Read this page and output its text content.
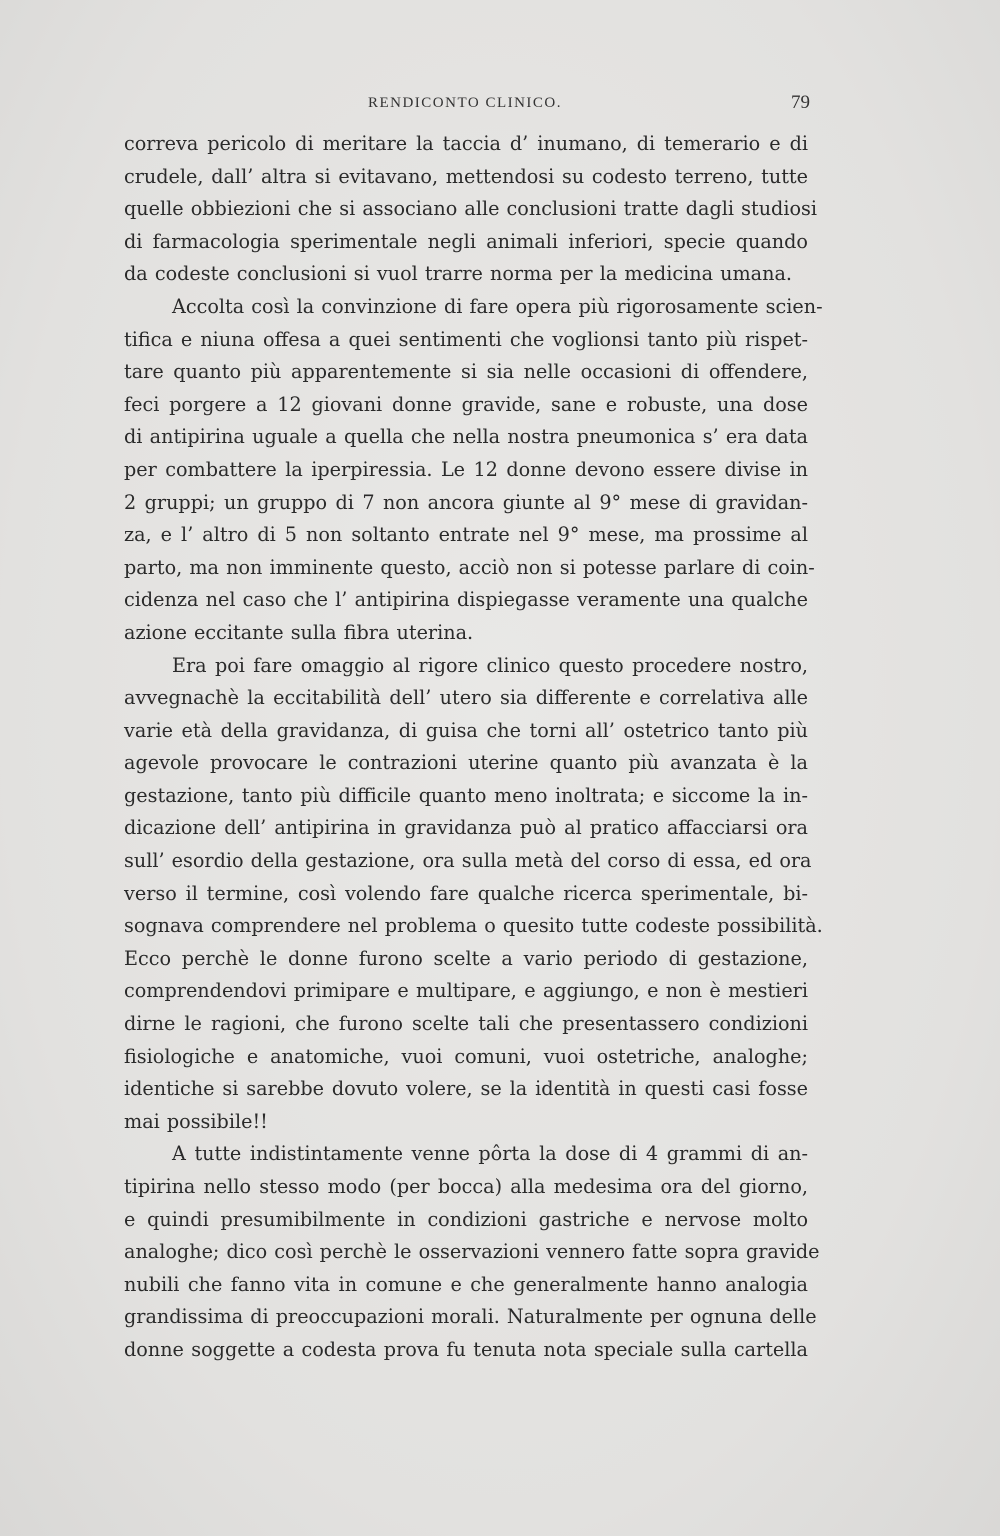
RENDICONTO CLINICO.	79
correva pericolo di meritare la taccia d’ inumano, di temerario e di
crudele, dall’ altra si evitavano, mettendosi su codesto terreno, tutte
quelle obbiezioni che si associano alle conclusioni tratte dagli studiosi
di farmacologia sperimentale negli animali inferiori, specie quando
da codeste conclusioni si vuol trarre norma per la medicina umana.
Accolta così la convinzione di fare opera più rigorosamente scien-
tifica e niuna offesa a quei sentimenti che voglionsi tanto più rispet-
tare quanto più apparentemente si sia nelle occasioni di offendere,
feci porgere a 12 giovani donne gravide, sane e robuste, una dose
di antipirina uguale a quella che nella nostra pneumonica s’ era data
per combattere la iperpiressia. Le 12 donne devono essere divise in
2 gruppi; un gruppo di 7 non ancora giunte al 9° mese di gravidan-
za, e l’ altro di 5 non soltanto entrate nel 9° mese, ma prossime al
parto, ma non imminente questo, acciò non si potesse parlare di coin-
cidenza nel caso che l’ antipirina dispiegasse veramente una qualche
azione eccitante sulla fibra uterina.
Era poi fare omaggio al rigore clinico questo procedere nostro,
avvegnachè la eccitabilità dell’ utero sia differente e correlativa alle
varie età della gravidanza, di guisa che torni all’ ostetrico tanto più
agevole provocare le contrazioni uterine quanto più avanzata è la
gestazione, tanto più difficile quanto meno inoltrata; e siccome la in-
dicazione dell’ antipirina in gravidanza può al pratico affacciarsi ora
sull’ esordio della gestazione, ora sulla metà del corso di essa, ed ora
verso il termine, così volendo fare qualche ricerca sperimentale, bi-
sognava comprendere nel problema o quesito tutte codeste possibilità.
Ecco perchè le donne furono scelte a vario periodo di gestazione,
comprendendovi primipare e multipare, e aggiungo, e non è mestieri
dirne le ragioni, che furono scelte tali che presentassero condizioni
fisiologiche e anatomiche, vuoi comuni, vuoi ostetriche, analoghe;
identiche si sarebbe dovuto volere, se la identità in questi casi fosse
mai possibile!!
A tutte indistintamente venne pôrta la dose di 4 grammi di an-
tipirina nello stesso modo (per bocca) alla medesima ora del giorno,
e quindi presumibilmente in condizioni gastriche e nervose molto
analoghe; dico così perchè le osservazioni vennero fatte sopra gravide
nubili che fanno vita in comune e che generalmente hanno analogia
grandissima di preoccupazioni morali. Naturalmente per ognuna delle
donne soggette a codesta prova fu tenuta nota speciale sulla cartella
